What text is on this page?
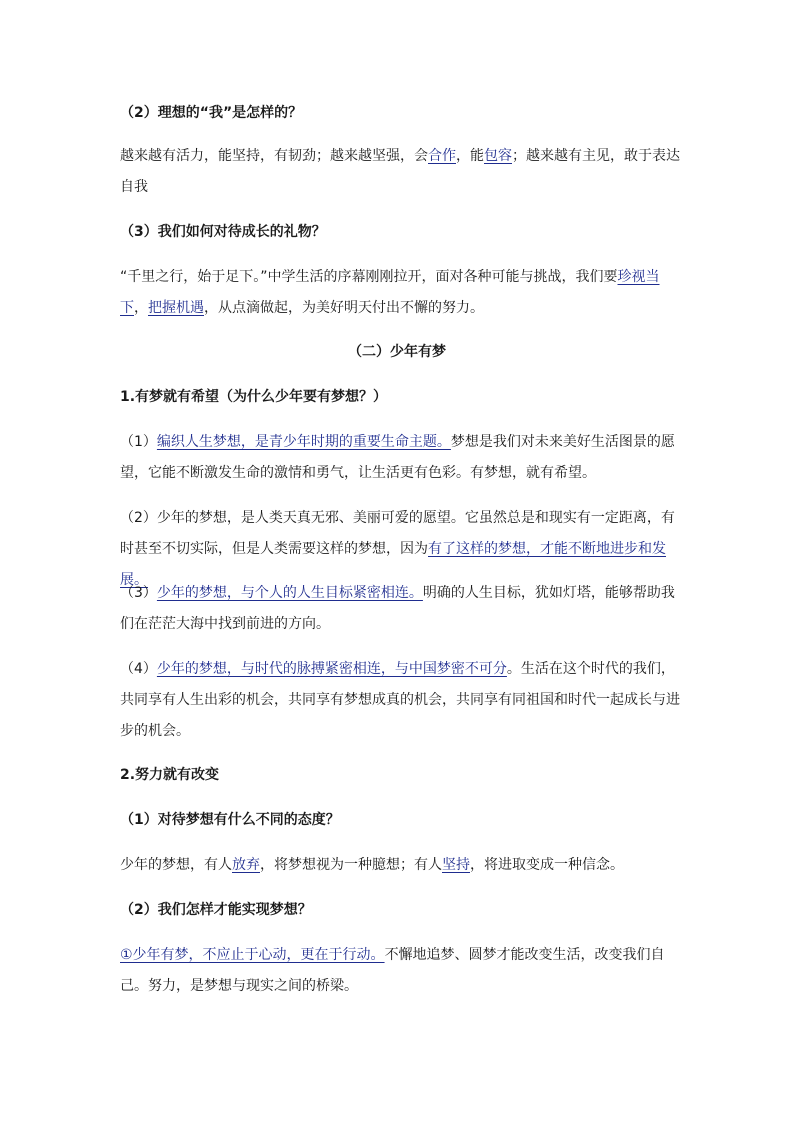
（2）理想的“我”是怎样的？
越来越有活力，能坚持，有韧劲；越来越坚强，会合作，能包容；越来越有主见，敢于表达自我
（3）我们如何对待成长的礼物？
“千里之行，始于足下。”中学生活的序幕刚刚拉开，面对各种可能与挑战，我们要珍视当下，把握机遇，从点滴做起，为美好明天付出不懈的努力。
（二）少年有梦
1.有梦就有希望（为什么少年要有梦想？）
（1）编织人生梦想，是青少年时期的重要生命主题。梦想是我们对未来美好生活图景的愿望，它能不断激发生命的激情和勇气，让生活更有色彩。有梦想，就有希望。
（2）少年的梦想，是人类天真无邪、美丽可爱的愿望。它虽然总是和现实有一定距离，有时甚至不切实际，但是人类需要这样的梦想，因为有了这样的梦想，才能不断地进步和发展。
（3）少年的梦想，与个人的人生目标紧密相连。明确的人生目标，犹如灯塔，能够帮助我们在茫茫大海中找到前进的方向。
（4）少年的梦想，与时代的脉搏紧密相连，与中国梦密不可分。生活在这个时代的我们，共同享有人生出彩的机会，共同享有梦想成真的机会，共同享有同祖国和时代一起成长与进步的机会。
2.努力就有改变
（1）对待梦想有什么不同的态度？
少年的梦想，有人放弃，将梦想视为一种臆想；有人坚持，将进取变成一种信念。
（2）我们怎样才能实现梦想？
①少年有梦，不应止于心动，更在于行动。不懈地追梦、圆梦才能改变生活，改变我们自己。努力，是梦想与现实之间的桥梁。
